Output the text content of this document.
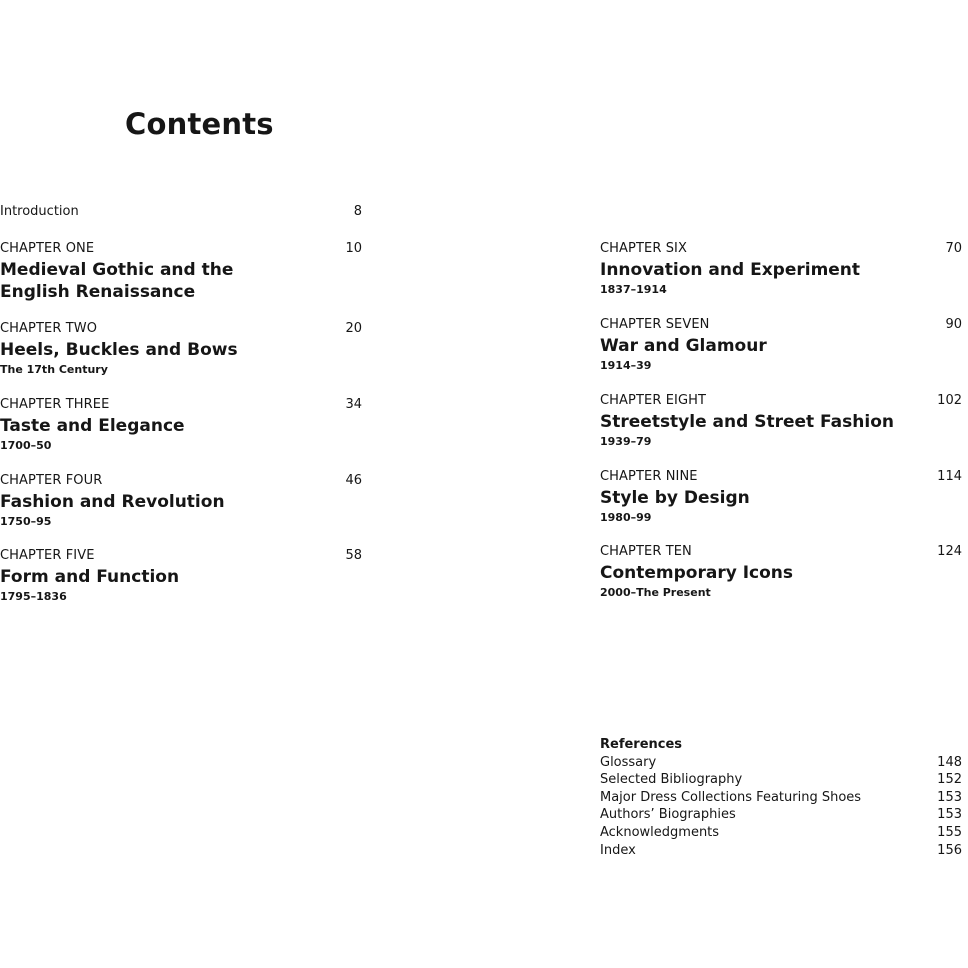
Contents
Introduction	8
CHAPTER ONE	10
Medieval Gothic and the
English Renaissance
CHAPTER TWO	20
Heels, Buckles and Bows
The 17th Century
CHAPTER THREE	34
Taste and Elegance
1700–50
CHAPTER FOUR	46
Fashion and Revolution
1750–95
CHAPTER FIVE	58
Form and Function
1795–1836
CHAPTER SIX	70
Innovation and Experiment
1837–1914
CHAPTER SEVEN	90
War and Glamour
1914–39
CHAPTER EIGHT	102
Streetstyle and Street Fashion
1939–79
CHAPTER NINE	114
Style by Design
1980–99
CHAPTER TEN	124
Contemporary Icons
2000–The Present
References
Glossary	148
Selected Bibliography	152
Major Dress Collections Featuring Shoes	153
Authors’ Biographies	153
Acknowledgments	155
Index	156
